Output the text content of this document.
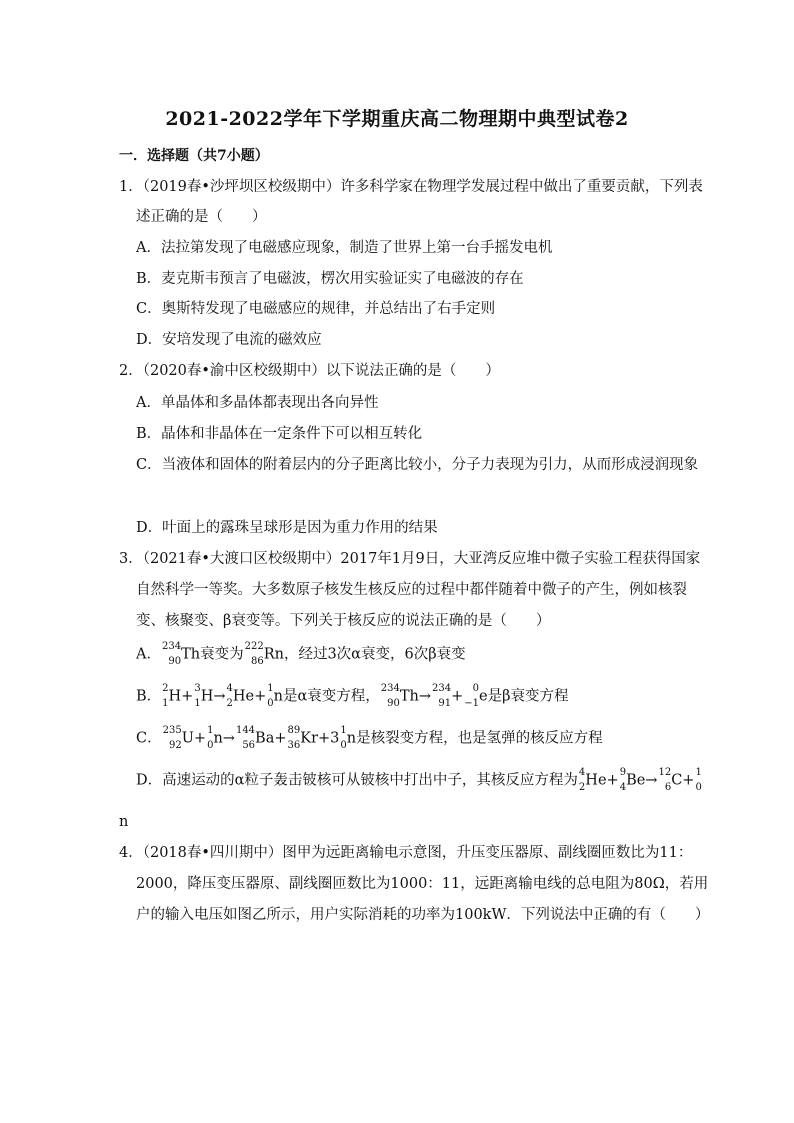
2021-2022学年下学期重庆高二物理期中典型试卷2
一．选择题（共7小题）
1．（2019春•沙坪坝区校级期中）许多科学家在物理学发展过程中做出了重要贡献，下列表
述正确的是（　　）
A．法拉第发现了电磁感应现象，制造了世界上第一台手摇发电机
B．麦克斯韦预言了电磁波，楞次用实验证实了电磁波的存在
C．奥斯特发现了电磁感应的规律，并总结出了右手定则
D．安培发现了电流的磁效应
2．（2020春•渝中区校级期中）以下说法正确的是（　　）
A．单晶体和多晶体都表现出各向异性
B．晶体和非晶体在一定条件下可以相互转化
C．当液体和固体的附着层内的分子距离比较小，分子力表现为引力，从而形成浸润现象
D．叶面上的露珠呈球形是因为重力作用的结果
3．（2021春•大渡口区校级期中）2017年1月9日，大亚湾反应堆中微子实验工程获得国家
自然科学一等奖。大多数原子核发生核反应的过程中都伴随着中微子的产生，例如核裂
变、核聚变、β衰变等。下列关于核反应的说法正确的是（　　）
A． 234
90 Th衰变为 222
86 Rn，经过3次α衰变，6次β衰变
B． 2
1 H+ 3
1 H→ 4
2 He+ 1
0 n是α衰变方程， 234
90 Th→ 234
91 + 0
−1 e是β衰变方程
C． 235
92 U+ 1
0 n→ 144
56 Ba+ 89
36 Kr+3 1
0 n是核裂变方程，也是氢弹的核反应方程
D．高速运动的α粒子轰击铍核可从铍核中打出中子，其核反应方程为 4
2 He+ 9
4 Be→ 12
6 C+ 1
0
n
4．（2018春•四川期中）图甲为远距离输电示意图，升压变压器原、副线圈匝数比为11：
2000，降压变压器原、副线圈匝数比为1000：11，远距离输电线的总电阻为80Ω，若用
户的输入电压如图乙所示，用户实际消耗的功率为100kW．下列说法中正确的有（　　）
